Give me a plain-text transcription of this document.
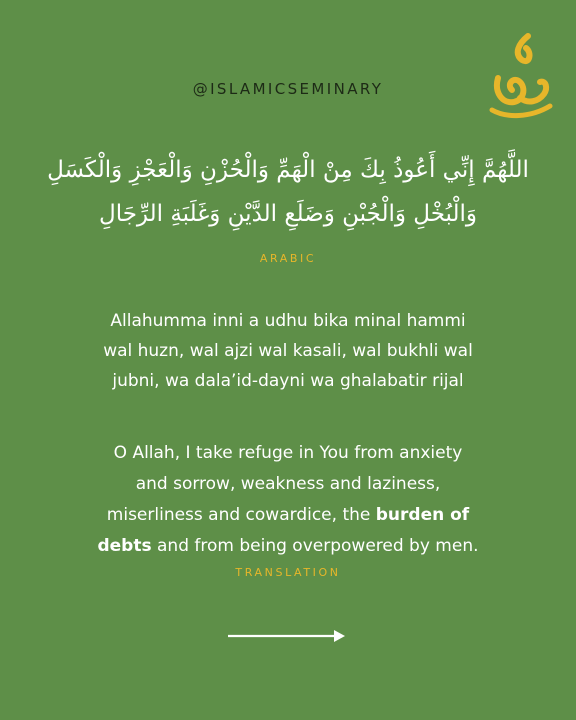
@ISLAMICSEMINARY
اللَّهُمَّ إِنِّي أَعُوذُ بِكَ مِنْ الْهَمِّ وَالْحُزْنِ وَالْعَجْزِ وَالْكَسَلِ
وَالْبُخْلِ وَالْجُبْنِ وَضَلَعِ الدَّيْنِ وَغَلَبَةِ الرِّجَالِ
ARABIC
Allahumma inni a udhu bika minal hammi
wal huzn, wal ajzi wal kasali, wal bukhli wal
jubni, wa dala’id-dayni wa ghalabatir rijal
O Allah, I take refuge in You from anxiety
and sorrow, weakness and laziness,
miserliness and cowardice, the burden of
debts and from being overpowered by men.
TRANSLATION
